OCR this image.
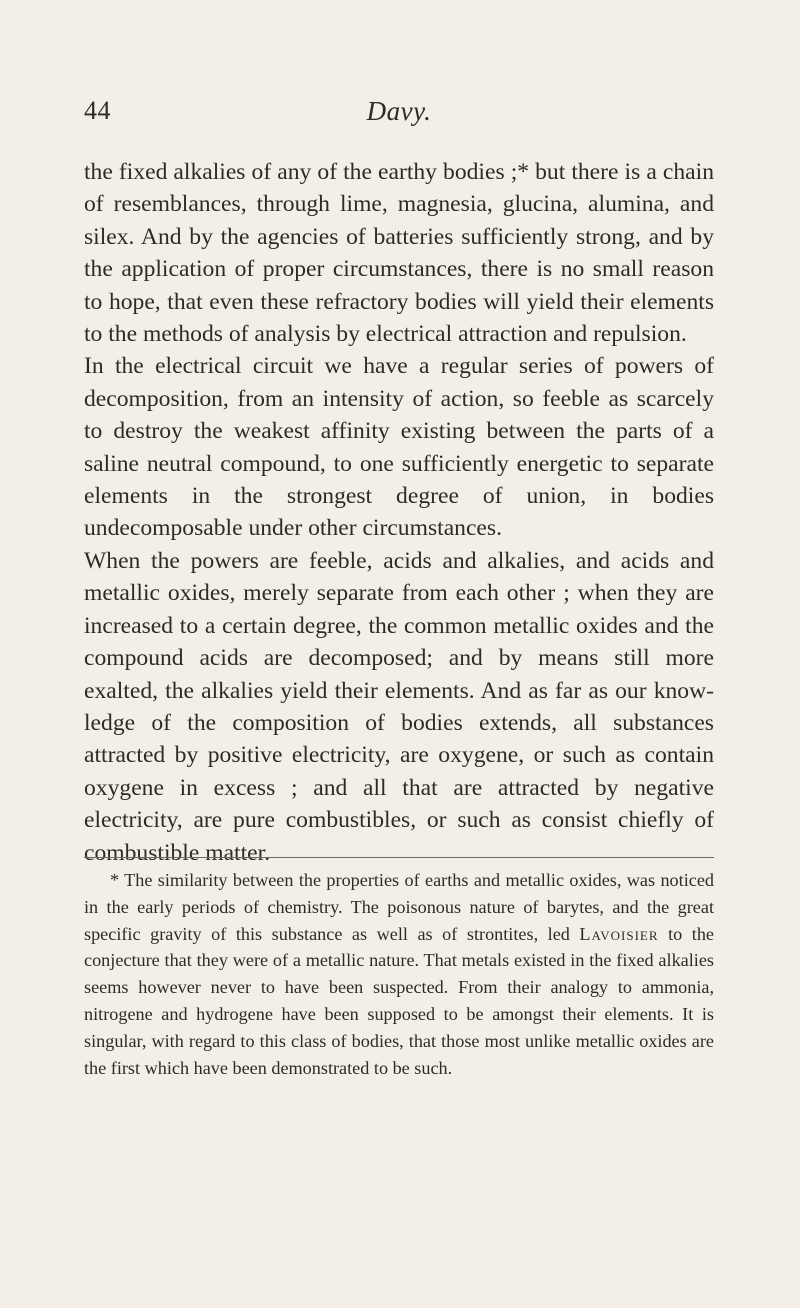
44	Davy.

the fixed alkalies of any of the earthy bodies ;* but there is a chain of resemblances, through lime, magnesia, glucina, alumina, and silex. And by the agencies of batteries sufficiently strong, and by the application of proper circumstances, there is no small reason to hope, that even these refractory bodies will yield their elements to the methods of analysis by electrical attraction and repulsion.

In the electrical circuit we have a regular series of powers of decomposition, from an intensity of action, so feeble as scarcely to destroy the weakest affinity existing between the parts of a saline neutral compound, to one sufficiently energetic to separate elements in the strongest degree of union, in bodies undecomposable under other circumstances.

When the powers are feeble, acids and alkalies, and acids and metallic oxides, merely separate from each other ; when they are increased to a certain degree, the common metallic oxides and the compound acids are decomposed; and by means still more exalted, the alkalies yield their elements. And as far as our know-ledge of the composition of bodies extends, all substances attracted by positive electricity, are oxygene, or such as contain oxygene in excess ; and all that are attracted by negative electricity, are pure combustibles, or such as consist chiefly of combustible matter.

* The similarity between the properties of earths and metallic oxides, was noticed in the early periods of chemistry. The poisonous nature of barytes, and the great specific gravity of this substance as well as of strontites, led Lavoisier to the conjecture that they were of a metallic nature. That metals existed in the fixed alkalies seems however never to have been suspected. From their analogy to ammonia, nitrogene and hydrogene have been supposed to be amongst their elements. It is singular, with regard to this class of bodies, that those most unlike metallic oxides are the first which have been demonstrated to be such.
